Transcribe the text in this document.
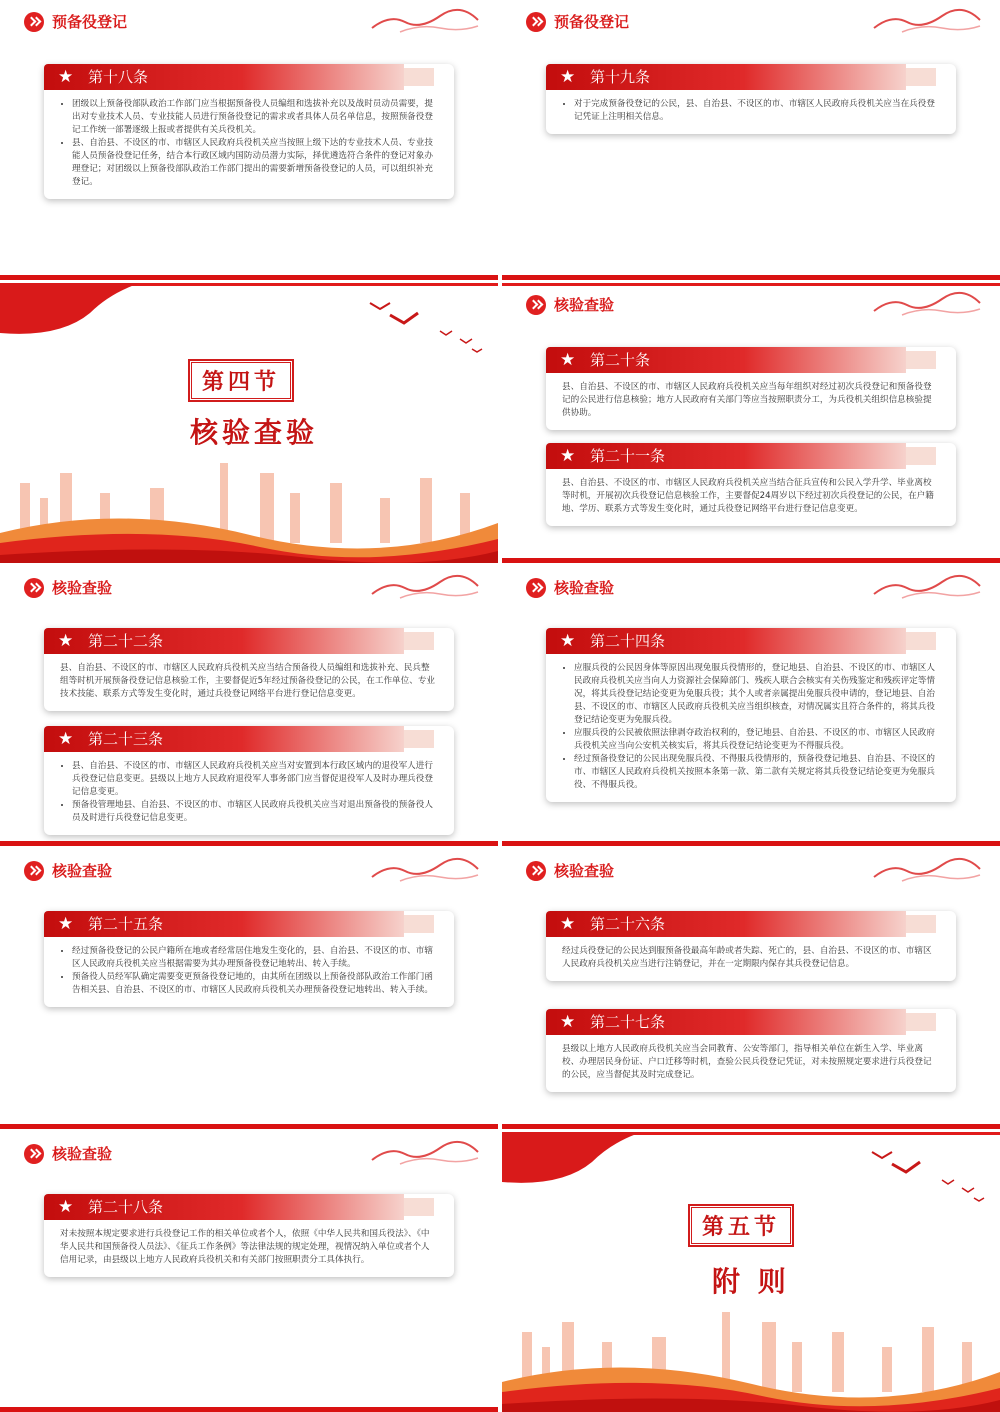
预备役登记
★ 第十八条
• 团级以上预备役部队政治工作部门应当根据预备役人员编组和选拔补充以及战时员动员需要，提出对专业技术人员、专业技能人员进行预备役登记的需求或者具体人员名单信息，按照预备役登记工作统一部署逐级上报或者提供有关兵役机关。
• 县、自治县、不设区的市、市辖区人民政府兵役机关应当按照上级下达的专业技术人员、专业技能人员预备役登记任务，结合本行政区域内国防动员潜力实际，择优遴选符合条件的登记对象办理登记；对团级以上预备役部队政治工作部门提出的需要新增预备役登记的人员，可以组织补充登记。
预备役登记
★ 第十九条
• 对于完成预备役登记的公民，县、自治县、不设区的市、市辖区人民政府兵役机关应当在兵役登记凭证上注明相关信息。
第四节
核验查验
核验查验
★ 第二十条

县、自治县、不设区的市、市辖区人民政府兵役机关应当每年组织对经过初次兵役登记和预备役登记的公民进行信息核验；地方人民政府有关部门等应当按照职责分工，为兵役机关组织信息核验提供协助。

★ 第二十一条

县、自治县、不设区的市、市辖区人民政府兵役机关应当结合征兵宣传和公民入学升学、毕业离校等时机，开展初次兵役登记信息核验工作，主要督促24周岁以下经过初次兵役登记的公民，在户籍地、学历、联系方式等发生变化时，通过兵役登记网络平台进行登记信息变更。

核验查验
★ 第二十二条

县、自治县、不设区的市、市辖区人民政府兵役机关应当结合预备役人员编组和选拔补充、民兵整组等时机开展预备役登记信息核验工作，主要督促近5年经过预备役登记的公民，在工作单位、专业技术技能、联系方式等发生变化时，通过兵役登记网络平台进行登记信息变更。

★ 第二十三条
• 县、自治县、不设区的市、市辖区人民政府兵役机关应当对安置到本行政区域内的退役军人进行兵役登记信息变更。县级以上地方人民政府退役军人事务部门应当督促退役军人及时办理兵役登记信息变更。
• 预备役管理地县、自治县、不设区的市、市辖区人民政府兵役机关应当对退出预备役的预备役人员及时进行兵役登记信息变更。
核验查验
★ 第二十四条
• 应服兵役的公民因身体等原因出现免服兵役情形的，登记地县、自治县、不设区的市、市辖区人民政府兵役机关应当向人力资源社会保障部门、残疾人联合会核实有关伤残鉴定和残疾评定等情况，将其兵役登记结论变更为免服兵役；其个人或者亲属提出免服兵役申请的，登记地县、自治县、不设区的市、市辖区人民政府兵役机关应当组织核查，对情况属实且符合条件的，将其兵役登记结论变更为免服兵役。
• 应服兵役的公民被依照法律剥夺政治权利的，登记地县、自治县、不设区的市、市辖区人民政府兵役机关应当向公安机关核实后，将其兵役登记结论变更为不得服兵役。
• 经过预备役登记的公民出现免服兵役、不得服兵役情形的，预备役登记地县、自治县、不设区的市、市辖区人民政府兵役机关按照本条第一款、第二款有关规定将其兵役登记结论变更为免服兵役、不得服兵役。
核验查验
★ 第二十五条
• 经过预备役登记的公民户籍所在地或者经常居住地发生变化的，县、自治县、不设区的市、市辖区人民政府兵役机关应当根据需要为其办理预备役登记地转出、转入手续。
• 预备役人员经军队确定需要变更预备役登记地的，由其所在团级以上预备役部队政治工作部门函告相关县、自治县、不设区的市、市辖区人民政府兵役机关办理预备役登记地转出、转入手续。
核验查验
★ 第二十六条

经过兵役登记的公民达到服预备役最高年龄或者失踪、死亡的，县、自治县、不设区的市、市辖区人民政府兵役机关应当进行注销登记，并在一定期限内保存其兵役登记信息。

★ 第二十七条

县级以上地方人民政府兵役机关应当会同教育、公安等部门，指导相关单位在新生入学、毕业离校、办理居民身份证、户口迁移等时机，查验公民兵役登记凭证，对未按照规定要求进行兵役登记的公民，应当督促其及时完成登记。

核验查验
★ 第二十八条

对未按照本规定要求进行兵役登记工作的相关单位或者个人，依照《中华人民共和国兵役法》、《中华人民共和国预备役人员法》、《征兵工作条例》等法律法规的规定处理，视情况纳入单位或者个人信用记录，由县级以上地方人民政府兵役机关和有关部门按照职责分工具体执行。

第五节
附 则
